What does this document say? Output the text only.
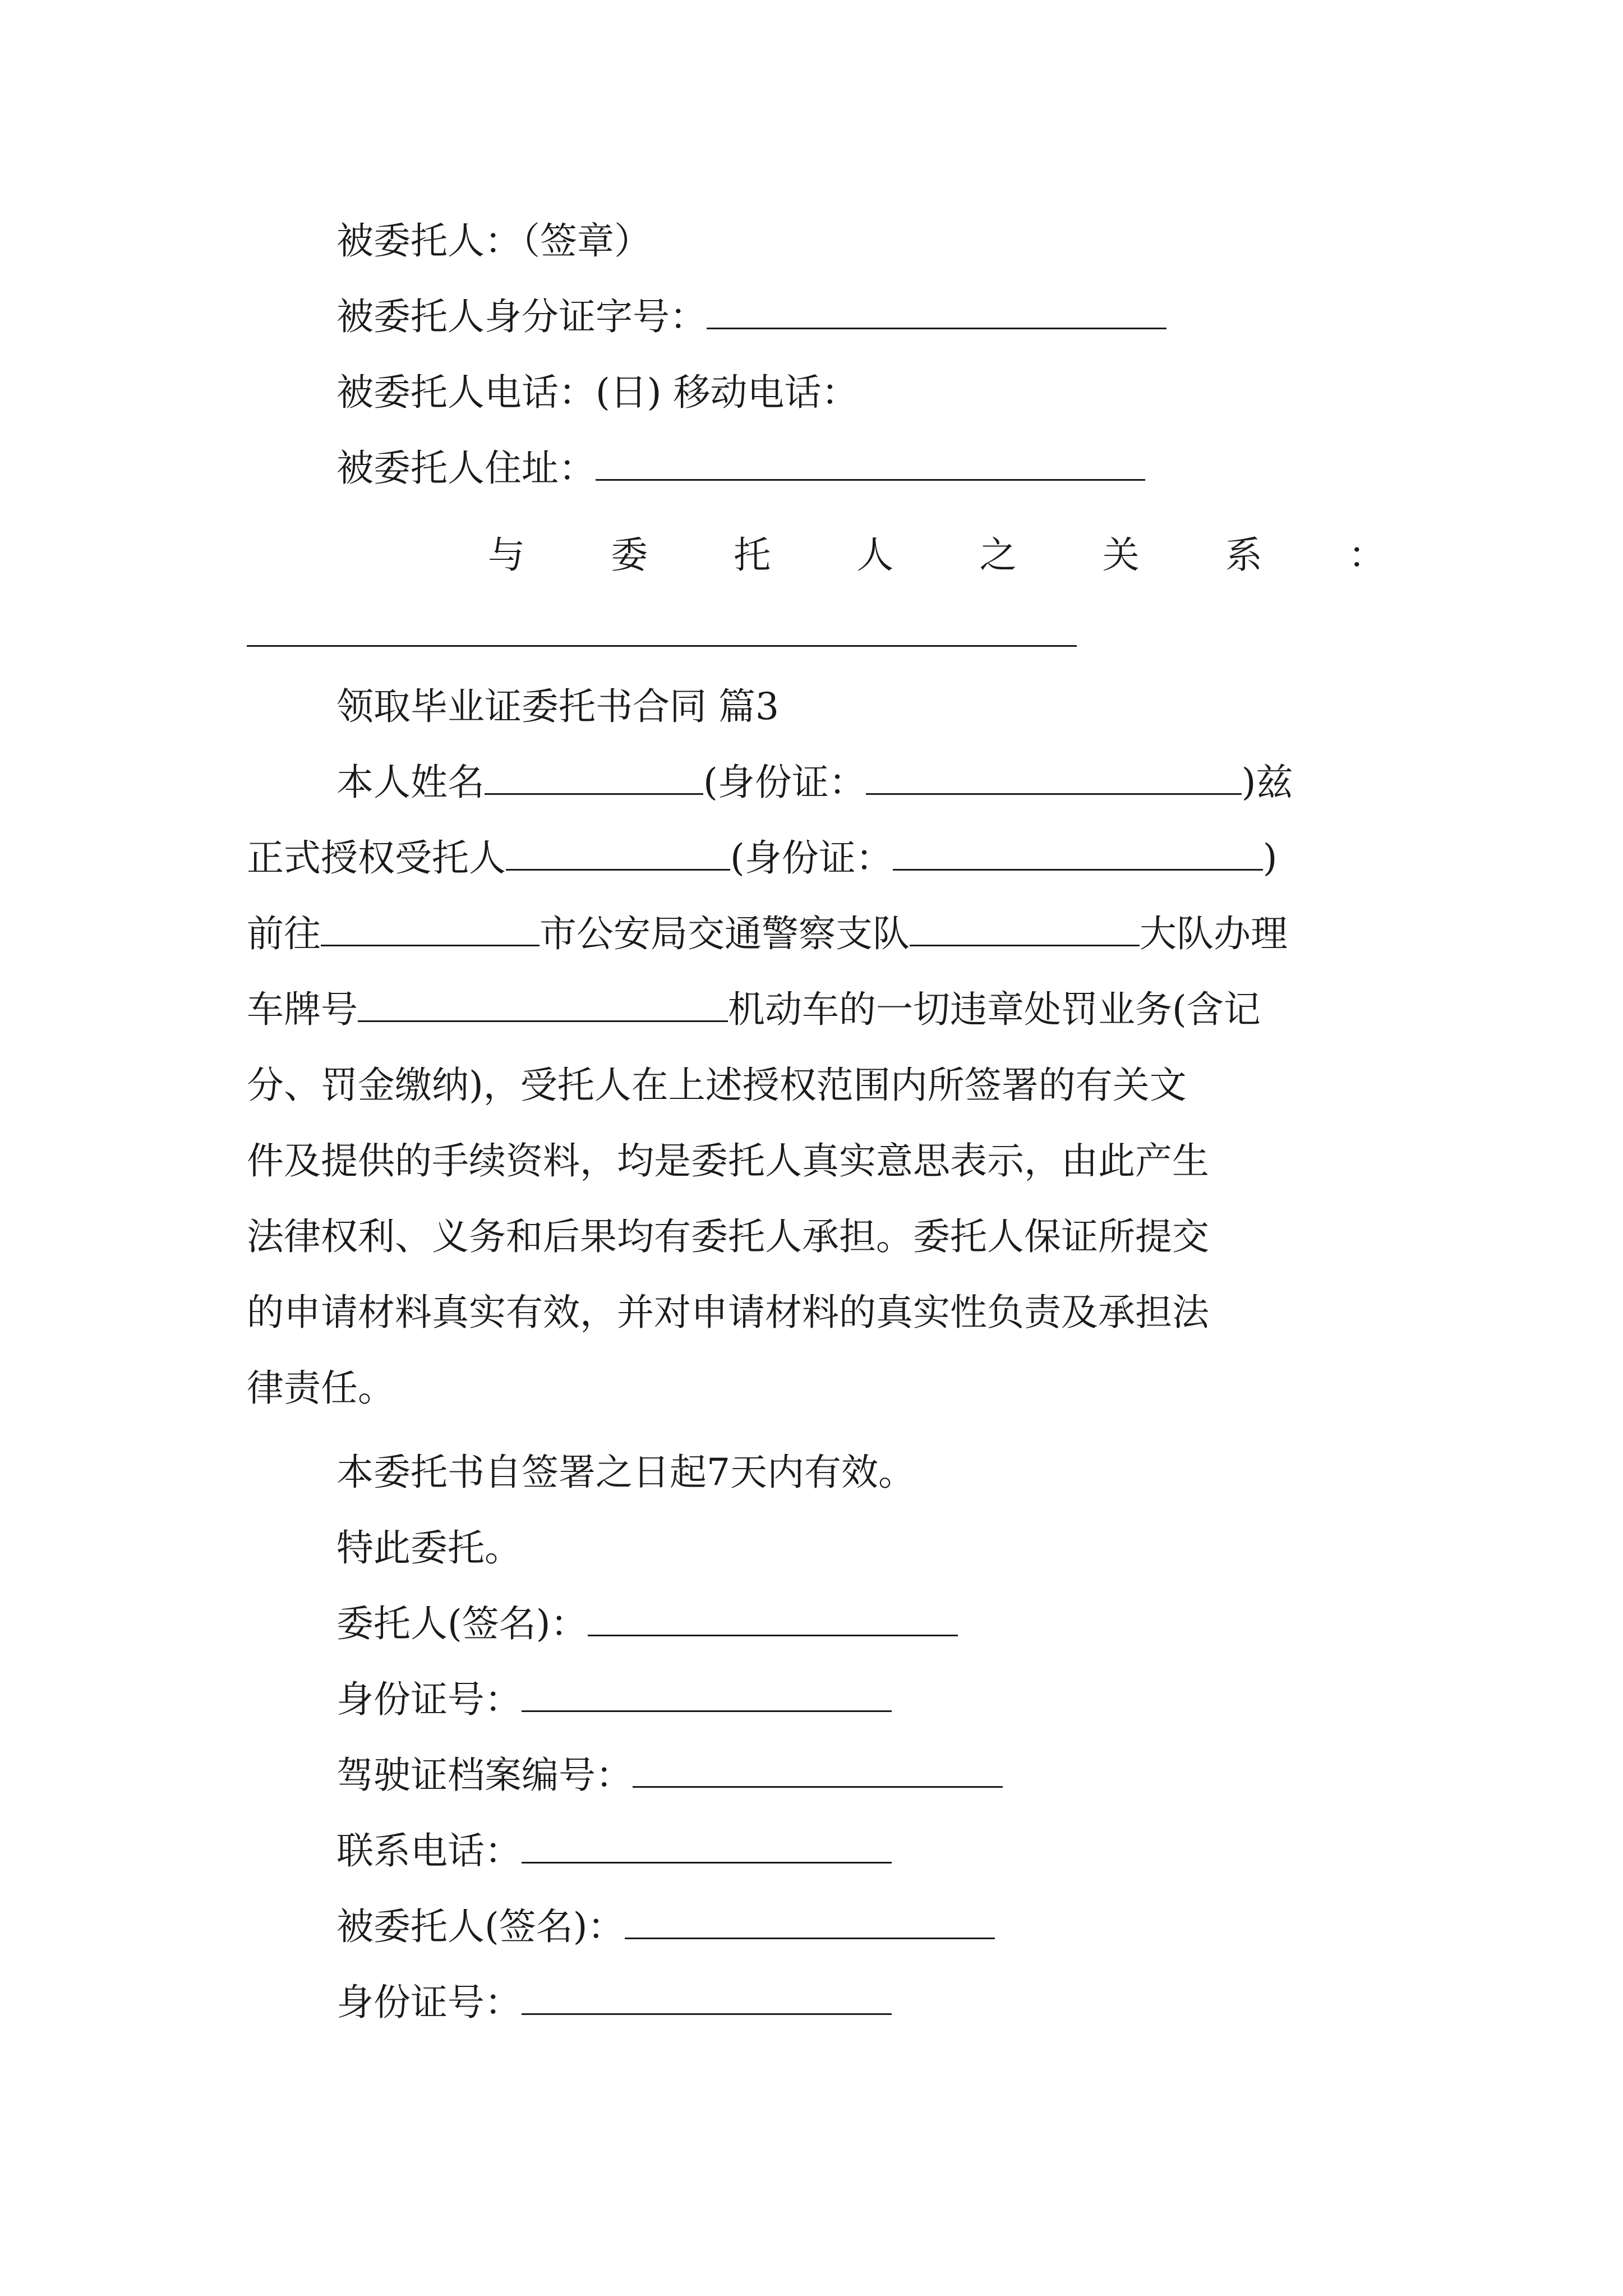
被委托人：（签章）
被委托人身分证字号：
被委托人电话：(日) 移动电话：
被委托人住址：
与 委 托 人 之 关 系 ：
领取毕业证委托书合同 篇3
本人姓名	(身份证：	)兹
正式授权受托人	(身份证：	)
前往	市公安局交通警察支队	大队办理
车牌号	机动车的一切违章处罚业务(含记
分、罚金缴纳)，受托人在上述授权范围内所签署的有关文
件及提供的手续资料，均是委托人真实意思表示，由此产生
法律权利、义务和后果均有委托人承担。委托人保证所提交
的申请材料真实有效，并对申请材料的真实性负责及承担法
律责任。
本委托书自签署之日起7天内有效。
特此委托。
委托人(签名)：
身份证号：
驾驶证档案编号：
联系电话：
被委托人(签名)：
身份证号：
